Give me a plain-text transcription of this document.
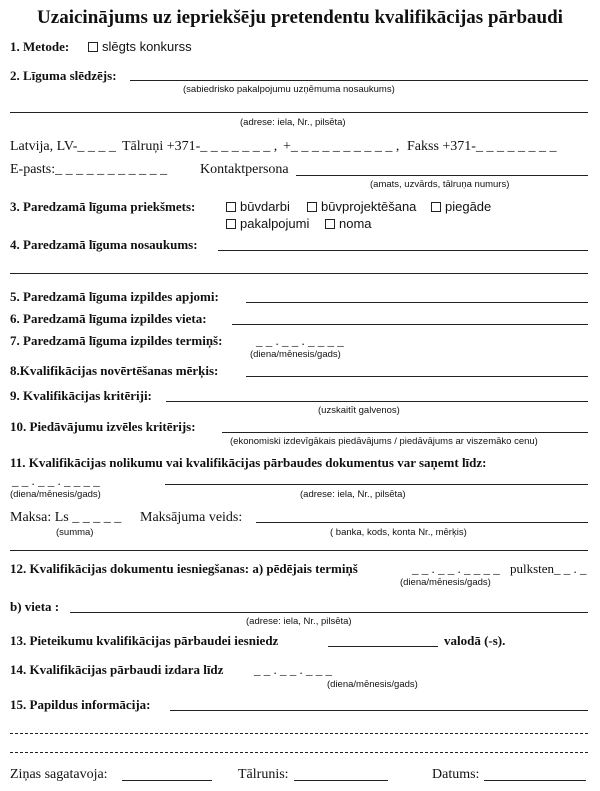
Uzaicinājums uz iepriekšēju pretendentu kvalifikācijas pārbaudi
1. Metode:	slēgts konkurss
2. Līguma slēdzējs:
(sabiedrisko pakalpojumu uzņēmuma nosaukums)
(adrese: iela, Nr., pilsēta)
Latvija, LV-_ _ _ _ Tālruņi +371-_ _ _ _ _ _ _ , +_ _ _ _ _ _ _ _ _ _ , Fakss +371-_ _ _ _ _ _ _ _
E-pasts:_ _ _ _ _ _ _ _ _ _ _ Kontaktpersona
(amats, uzvārds, tālruņa numurs)
3. Paredzamā līguma priekšmets:	būvdarbi	būvprojektēšana	piegāde
pakalpojumi	noma
4. Paredzamā līguma nosaukums:
5. Paredzamā līguma izpildes apjomi:
6. Paredzamā līguma izpildes vieta:
7. Paredzamā līguma izpildes termiņš:	_ _ . _ _ . _ _ _ _
(diena/mēnesis/gads)
8.Kvalifikācijas novērtēšanas mērķis:
9. Kvalifikācijas kritēriji:
(uzskaitīt galvenos)
10. Piedāvājumu izvēles kritērijs:
(ekonomiski izdevīgākais piedāvājums / piedāvājums ar viszemāko cenu)
11. Kvalifikācijas nolikumu vai kvalifikācijas pārbaudes dokumentus var saņemt līdz:
_ _ . _ _ . _ _ _ _
(diena/mēnesis/gads)	(adrese: iela, Nr., pilsēta)
Maksa: Ls _ _ _ _ _ Maksājuma veids:
(summa)	( banka, kods, konta Nr., mērķis)
12. Kvalifikācijas dokumentu iesniegšanas: a) pēdējais termiņš	_ _ . _ _ . _ _ _ _ pulksten_ _ . _
(diena/mēnesis/gads)
b) vieta :
(adrese: iela, Nr., pilsēta)
13. Pieteikumu kvalifikācijas pārbaudei iesniedz	valodā (-s).
14. Kvalifikācijas pārbaudi izdara līdz _ _ . _ _ . _ _ _
(diena/mēnesis/gads)
15. Papildus informācija:
Ziņas sagatavoja:	Tālrunis:	Datums:
